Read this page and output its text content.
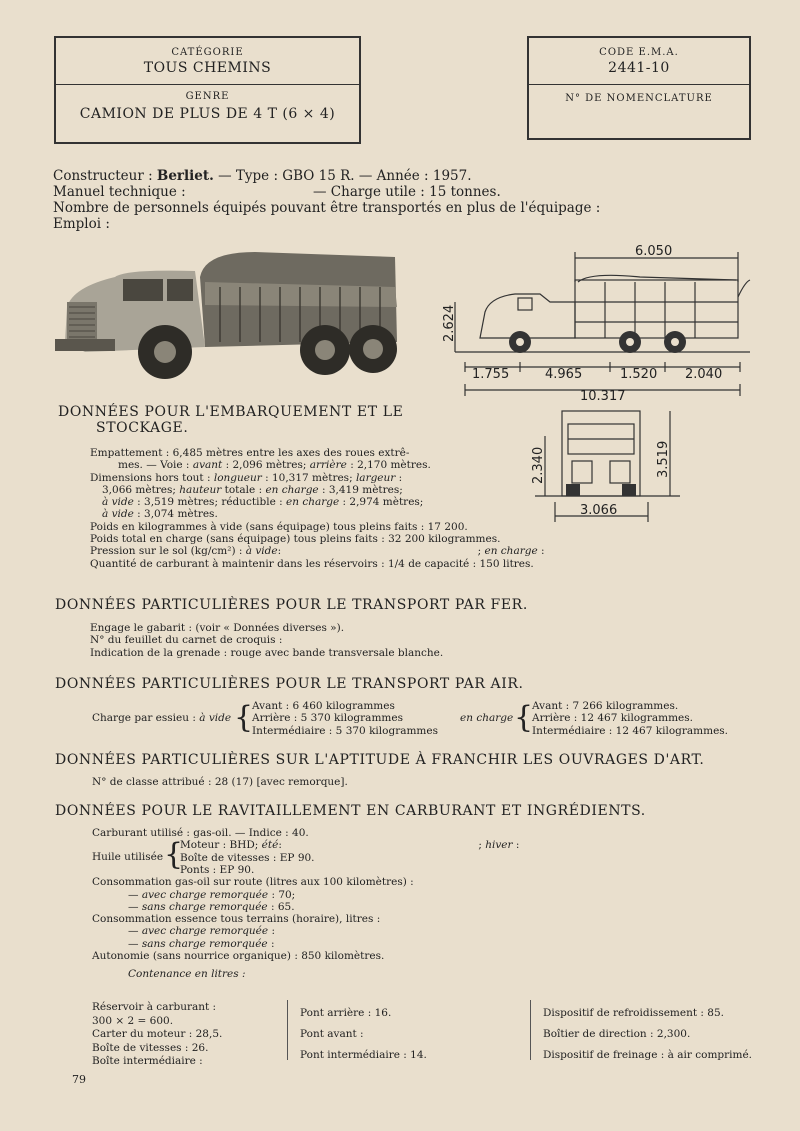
CATÉGORIE
TOUS CHEMINS
GENRE
CAMION DE PLUS DE 4 T (6 × 4)
CODE E.M.A.
2441-10
N° DE NOMENCLATURE
Constructeur : Berliet. — Type : GBO 15 R. — Année : 1957.
Manuel technique :	— Charge utile : 15 tonnes.
Nombre de personnels équipés pouvant être transportés en plus de l'équipage :
Emploi :
6.050
2.624
1.755	4.965	1.520 2.040
10.317
2.340	3.519
3.066
DONNÉES POUR L'EMBARQUEMENT ET LE
STOCKAGE.
Empattement : 6,485 mètres entre les axes des roues extrê-
mes. — Voie : avant : 2,096 mètres; arrière : 2,170 mètres.
Dimensions hors tout : longueur : 10,317 mètres; largeur :
3,066 mètres; hauteur totale : en charge : 3,419 mètres;
à vide : 3,519 mètres; réductible : en charge : 2,974 mètres;
à vide : 3,074 mètres.
Poids en kilogrammes à vide (sans équipage) tous pleins faits : 17 200.
Poids total en charge (sans équipage) tous pleins faits : 32 200 kilogrammes.
Pression sur le sol (kg/cm²) : à vide:	; en charge :
Quantité de carburant à maintenir dans les réservoirs : 1/4 de capacité : 150 litres.
DONNÉES PARTICULIÈRES POUR LE TRANSPORT PAR FER.
Engage le gabarit : (voir « Données diverses »).
N° du feuillet du carnet de croquis :
Indication de la grenade : rouge avec bande transversale blanche.
DONNÉES PARTICULIÈRES POUR LE TRANSPORT PAR AIR.
Charge par essieu : à vide {
Avant : 6 460 kilogrammes
Arrière : 5 370 kilogrammes
Intermédiaire : 5 370 kilogrammes
en charge {
Avant : 7 266 kilogrammes.
Arrière : 12 467 kilogrammes.
Intermédiaire : 12 467 kilogrammes.
DONNÉES PARTICULIÈRES SUR L'APTITUDE À FRANCHIR LES OUVRAGES D'ART.
N° de classe attribué : 28 (17) [avec remorque].
DONNÉES POUR LE RAVITAILLEMENT EN CARBURANT ET INGRÉDIENTS.
Carburant utilisé : gas-oil. — Indice : 40.
Huile utilisée {
Moteur : BHD; été:	; hiver :
Boîte de vitesses : EP 90.
Ponts : EP 90.
Consommation gas-oil sur route (litres aux 100 kilomètres) :
— avec charge remorquée : 70;
— sans charge remorquée : 65.
Consommation essence tous terrains (horaire), litres :
— avec charge remorquée :
— sans charge remorquée :
Autonomie (sans nourrice organique) : 850 kilomètres.
Contenance en litres :
Réservoir à carburant :
300 × 2 = 600.
Carter du moteur : 28,5.
Boîte de vitesses : 26.
Boîte intermédiaire :
Pont arrière : 16.
Pont avant :
Pont intermédiaire : 14.
Dispositif de refroidissement : 85.
Boîtier de direction : 2,300.
Dispositif de freinage : à air comprimé.
79
